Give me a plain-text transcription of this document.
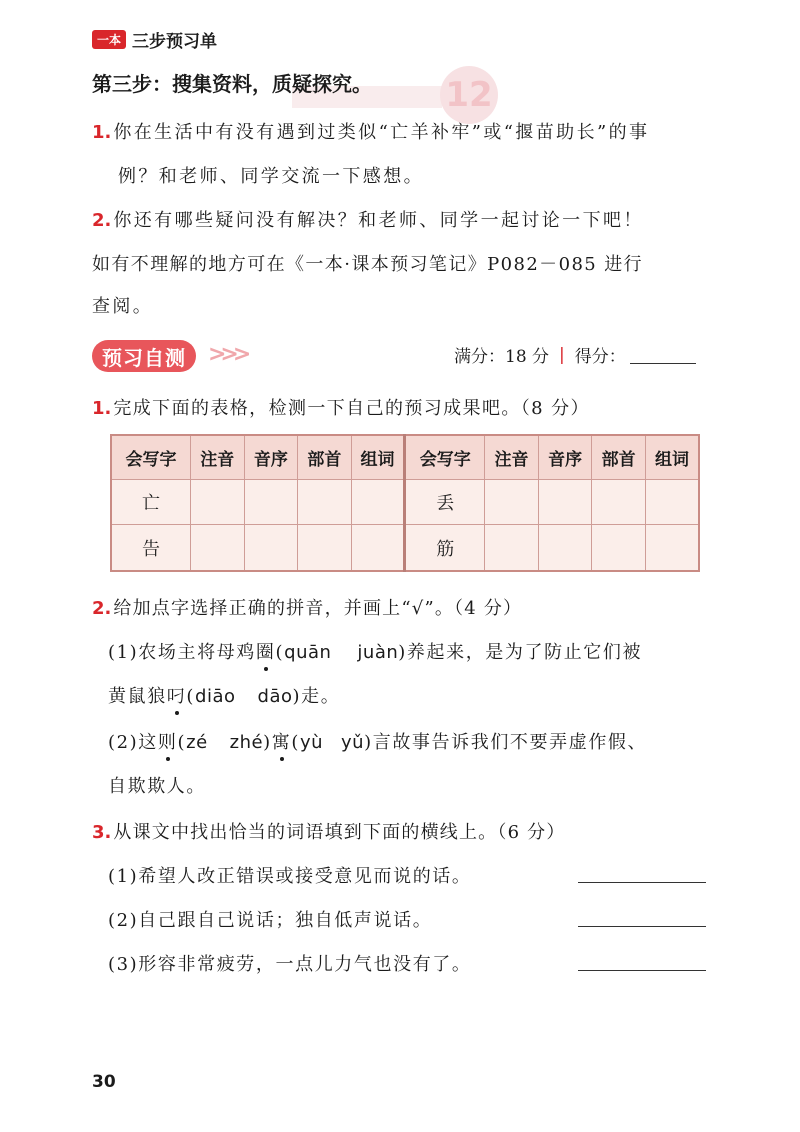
一本 三步预习单
12
第三步：搜集资料，质疑探究。
1. 你在生活中有没有遇到过类似“亡羊补牢”或“揠苗助长”的事
例？和老师、同学交流一下感想。
2. 你还有哪些疑问没有解决？和老师、同学一起讨论一下吧！
如有不理解的地方可在《一本·课本预习笔记》P082－085 进行
查阅。
预习自测	>>>	满分：18 分 | 得分：
1. 完成下面的表格，检测一下自己的预习成果吧。（8 分）
会写字	注音	音序	部首	组词	会写字	注音	音序	部首	组词
亡					丢				
告					筋				
2. 给加点字选择正确的拼音，并画上“√”。（4 分）
(1)农场主将母鸡圈(quān juàn)养起来，是为了防止它们被
黄鼠狼叼(diāo dāo)走。
(2)这则(zé zhé)寓(yù yǔ)言故事告诉我们不要弄虚作假、
自欺欺人。
3. 从课文中找出恰当的词语填到下面的横线上。（6 分）
(1)希望人改正错误或接受意见而说的话。
(2)自己跟自己说话；独自低声说话。
(3)形容非常疲劳，一点儿力气也没有了。
30
